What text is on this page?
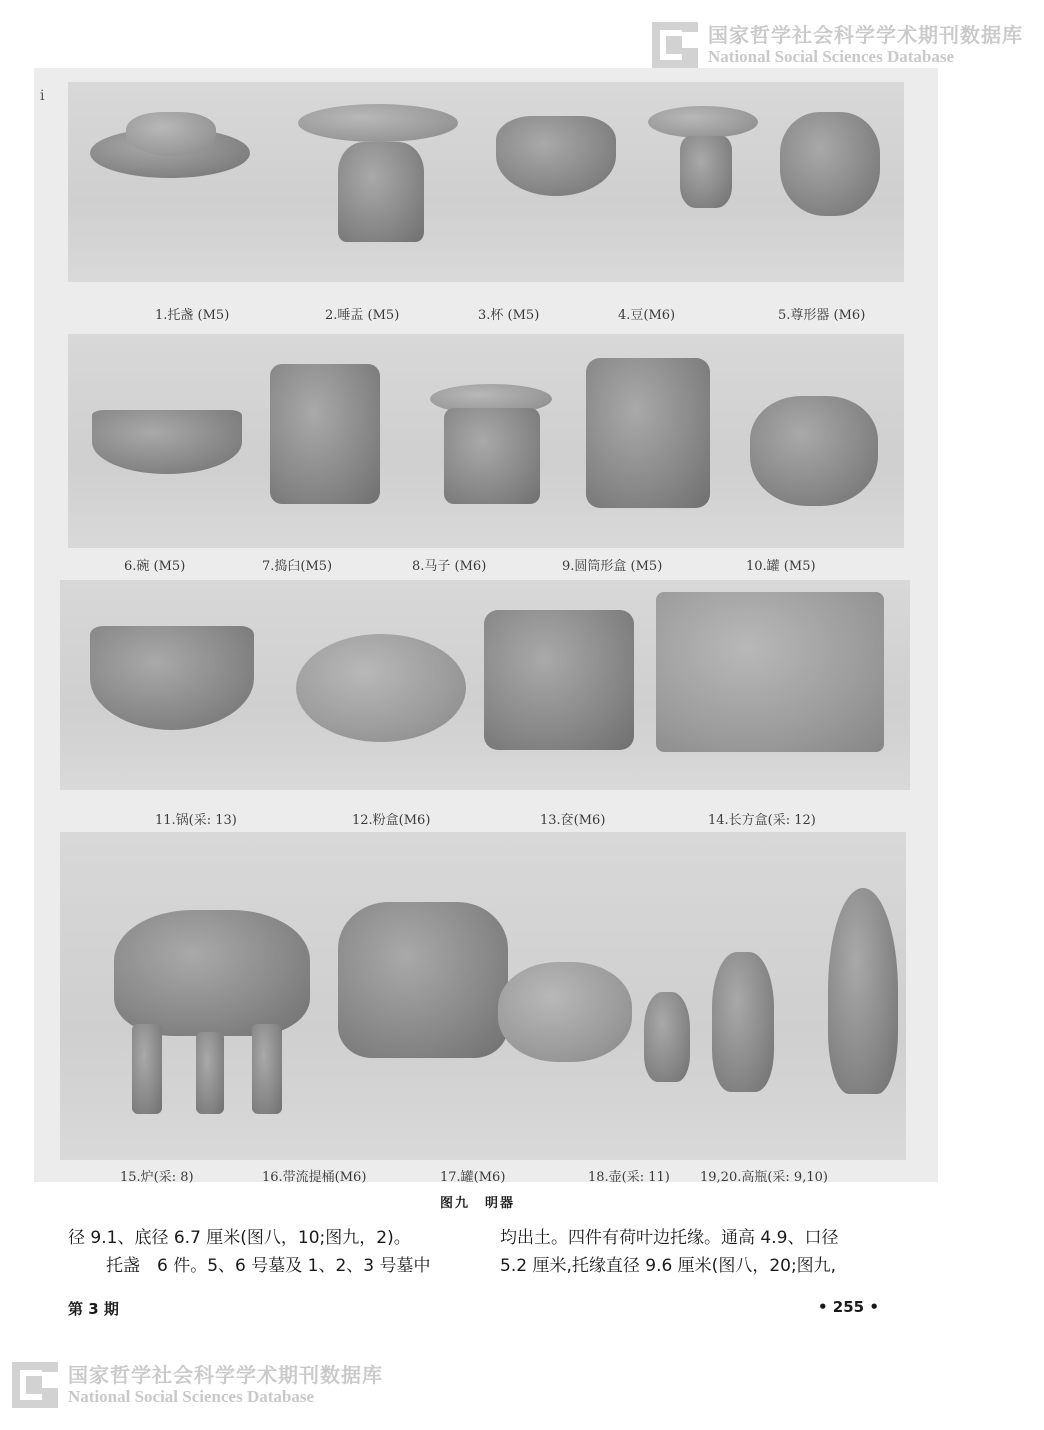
国家哲学社会科学学术期刊数据库
National Social Sciences Database
i
1.托盏 (M5)	2.唾盂 (M5)	3.杯 (M5)	4.豆(M6)	5.尊形器 (M6)
6.碗 (M5)	7.捣臼(M5)	8.马子 (M6)	9.圆筒形盒 (M5)	10.罐 (M5)
11.锅(采: 13)	12.粉盒(M6)	13.奁(M6)	14.长方盒(采: 12)
15.炉(采: 8)	16.带流提桶(M6)	17.罐(M6)	18.壶(采: 11) 19,20.高瓶(采: 9,10)
图九　明器
径 9.1、底径 6.7 厘米(图八，10;图九，2)。
托盏　6 件。5、6 号墓及 1、2、3 号墓中
均出土。四件有荷叶边托缘。通高 4.9、口径
5.2 厘米,托缘直径 9.6 厘米(图八，20;图九,
第 3 期	• 255 •
国家哲学社会科学学术期刊数据库
National Social Sciences Database
